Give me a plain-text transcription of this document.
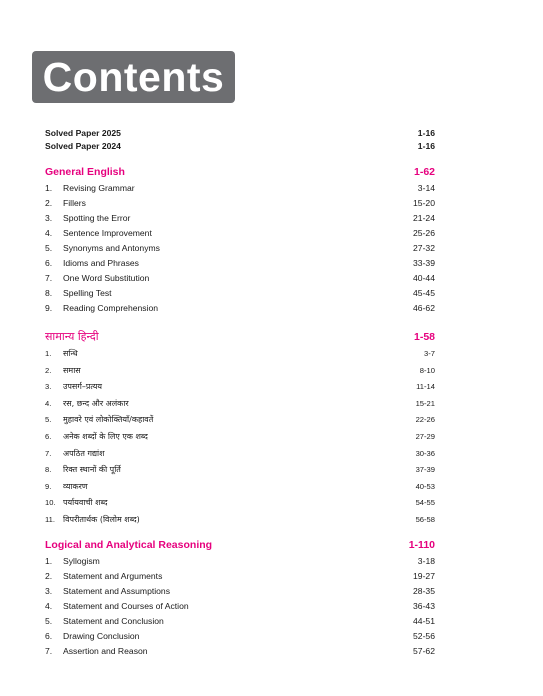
Contents
Solved Paper 2025	1-16
Solved Paper 2024	1-16
General English	1-62
1. Revising Grammar	3-14
2. Fillers	15-20
3. Spotting the Error	21-24
4. Sentence Improvement	25-26
5. Synonyms and Antonyms	27-32
6. Idioms and Phrases	33-39
7. One Word Substitution	40-44
8. Spelling Test	45-45
9. Reading Comprehension	46-62
सामान्य हिन्दी	1-58
1. सन्धि	3-7
2. समास	8-10
3. उपसर्ग–प्रत्यय	11-14
4. रस, छन्द और अलंकार	15-21
5. मुहावरे एवं लोकोक्तियाँ/कहावतें	22-26
6. अनेक शब्दों के लिए एक शब्द	27-29
7. अपठित गद्यांश	30-36
8. रिक्त स्थानों की पूर्ति	37-39
9. व्याकरण	40-53
10. पर्यायवाची शब्द	54-55
11. विपरीतार्थक (विलोम शब्द)	56-58
Logical and Analytical Reasoning	1-110
1. Syllogism	3-18
2. Statement and Arguments	19-27
3. Statement and Assumptions	28-35
4. Statement and Courses of Action	36-43
5. Statement and Conclusion	44-51
6. Drawing Conclusion	52-56
7. Assertion and Reason	57-62
